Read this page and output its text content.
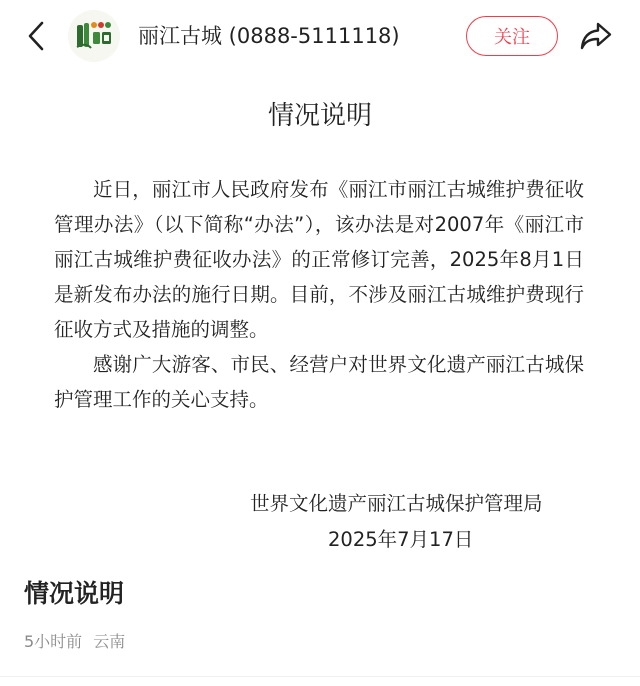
丽江古城 (0888-5111118)	关注
情况说明

近日，丽江市人民政府发布《丽江市丽江古城维护费征收管理办法》（以下简称“办法”），该办法是对2007年《丽江市丽江古城维护费征收办法》的正常修订完善，2025年8月1日是新发布办法的施行日期。目前，不涉及丽江古城维护费现行征收方式及措施的调整。

感谢广大游客、市民、经营户对世界文化遗产丽江古城保护管理工作的关心支持。

世界文化遗产丽江古城保护管理局
2025年7月17日
情况说明
5小时前 云南
